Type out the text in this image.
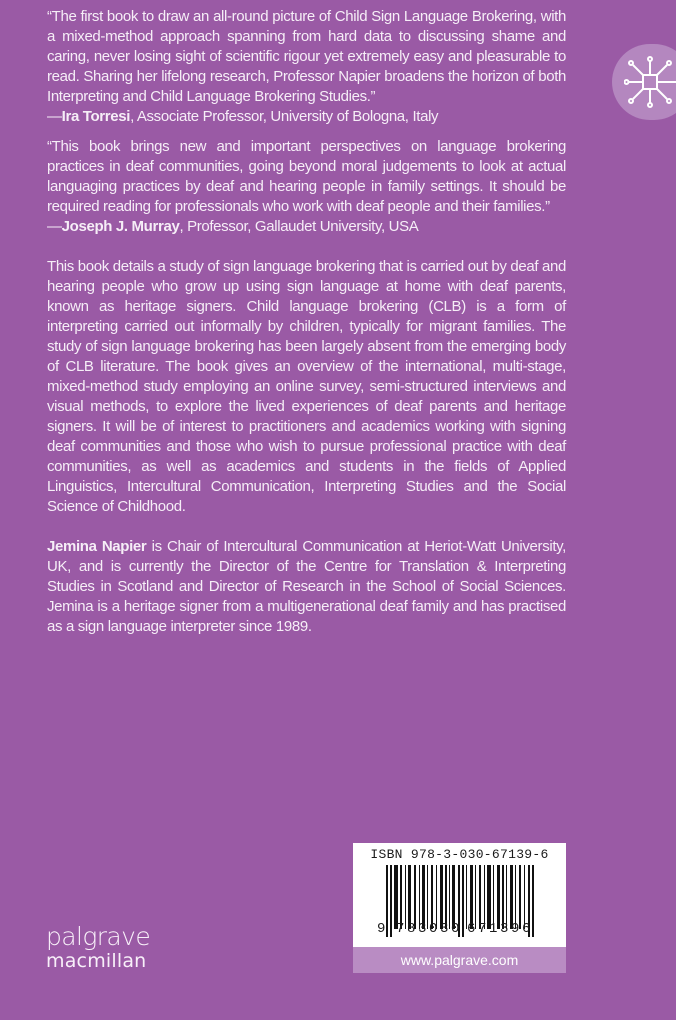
“The first book to draw an all-round picture of Child Sign Language Brokering, with a mixed-method approach spanning from hard data to discussing shame and caring, never losing sight of scientific rigour yet extremely easy and pleasurable to read. Sharing her lifelong research, Professor Napier broadens the horizon of both Interpreting and Child Language Brokering Studies.”
—Ira Torresi, Associate Professor, University of Bologna, Italy

“This book brings new and important perspectives on language brokering practices in deaf communities, going beyond moral judgements to look at actual languaging practices by deaf and hearing people in family settings. It should be required reading for professionals who work with deaf people and their families.”
—Joseph J. Murray, Professor, Gallaudet University, USA

This book details a study of sign language brokering that is carried out by deaf and hearing people who grow up using sign language at home with deaf parents, known as heritage signers. Child language brokering (CLB) is a form of interpreting carried out informally by children, typically for migrant families. The study of sign language brokering has been largely absent from the emerging body of CLB literature. The book gives an overview of the international, multi-stage, mixed-method study employing an online survey, semi-structured interviews and visual methods, to explore the lived experiences of deaf parents and heritage signers. It will be of interest to practitioners and academics working with signing deaf communities and those who wish to pursue professional practice with deaf communities, as well as academics and students in the fields of Applied Linguistics, Intercultural Communication, Interpreting Studies and the Social Science of Childhood.

Jemina Napier is Chair of Intercultural Communication at Heriot-Watt University, UK, and is currently the Director of the Centre for Translation & Interpreting Studies in Scotland and Director of Research in the School of Social Sciences. Jemina is a heritage signer from a multigenerational deaf family and has practised as a sign language interpreter since 1989.

ISBN 978-3-030-67139-6
9 783030 671396
www.palgrave.com
palgrave
macmillan
